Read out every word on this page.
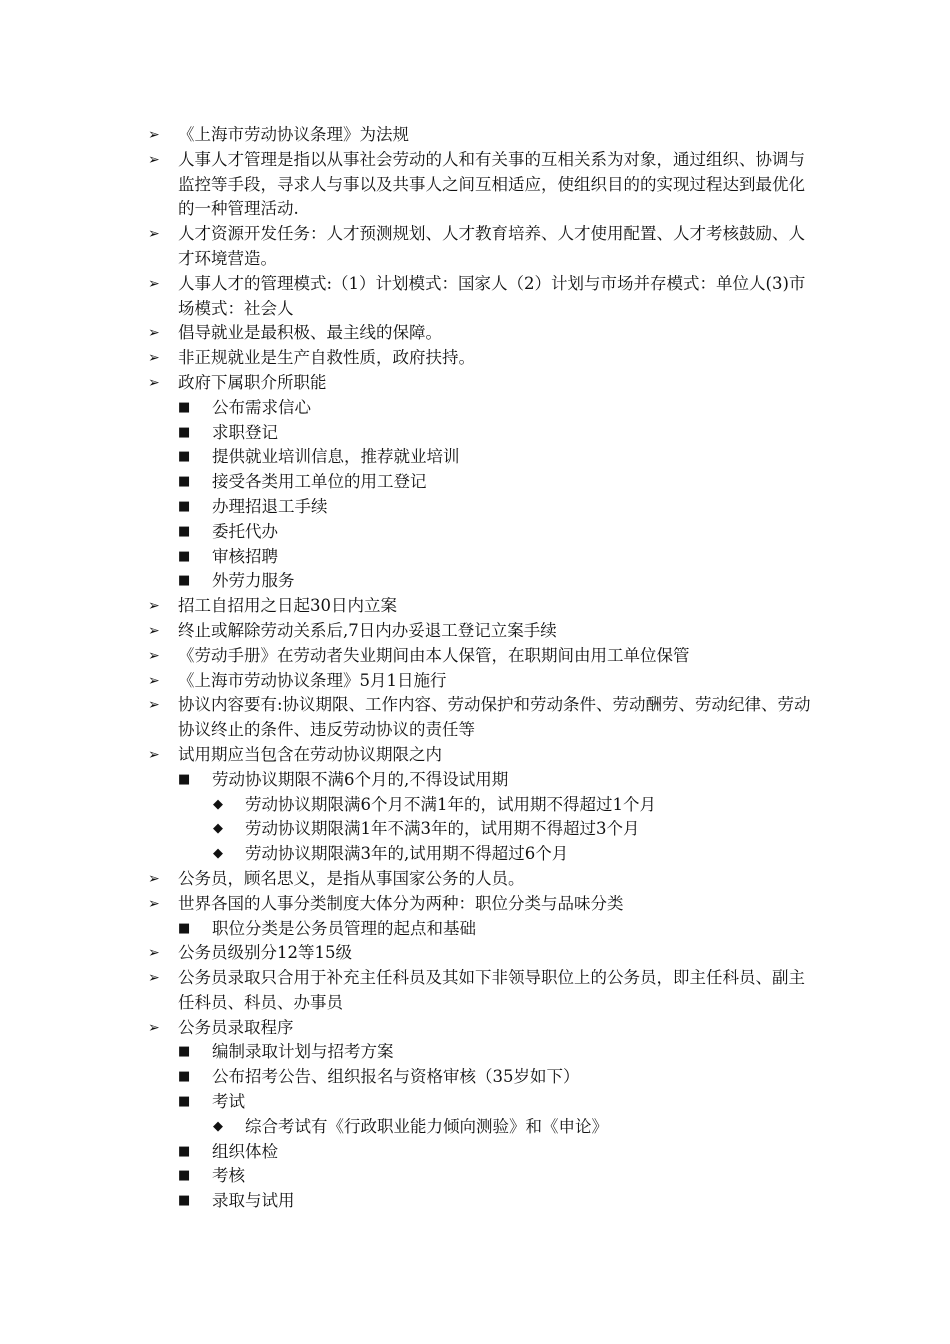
➢ 《上海市劳动协议条理》为法规
➢ 人事人才管理是指以从事社会劳动的人和有关事的互相关系为对象，通过组织、协调与监控等手段，寻求人与事以及共事人之间互相适应，使组织目的的实现过程达到最优化的一种管理活动.
➢ 人才资源开发任务：人才预测规划、人才教育培养、人才使用配置、人才考核鼓励、人才环境营造。
➢ 人事人才的管理模式:（1）计划模式：国家人（2）计划与市场并存模式：单位人(3)市场模式：社会人
➢ 倡导就业是最积极、最主线的保障。
➢ 非正规就业是生产自救性质，政府扶持。
➢ 政府下属职介所职能
■ 公布需求信心
■ 求职登记
■ 提供就业培训信息，推荐就业培训
■ 接受各类用工单位的用工登记
■ 办理招退工手续
■ 委托代办
■ 审核招聘
■ 外劳力服务
➢ 招工自招用之日起30日内立案
➢ 终止或解除劳动关系后,7日内办妥退工登记立案手续
➢ 《劳动手册》在劳动者失业期间由本人保管，在职期间由用工单位保管
➢ 《上海市劳动协议条理》5月1日施行
➢ 协议内容要有:协议期限、工作内容、劳动保护和劳动条件、劳动酬劳、劳动纪律、劳动协议终止的条件、违反劳动协议的责任等
➢ 试用期应当包含在劳动协议期限之内
■ 劳动协议期限不满6个月的,不得设试用期
◆ 劳动协议期限满6个月不满1年的，试用期不得超过1个月
◆ 劳动协议期限满1年不满3年的，试用期不得超过3个月
◆ 劳动协议期限满3年的,试用期不得超过6个月
➢ 公务员，顾名思义，是指从事国家公务的人员。
➢ 世界各国的人事分类制度大体分为两种：职位分类与品味分类
■ 职位分类是公务员管理的起点和基础
➢ 公务员级别分12等15级
➢ 公务员录取只合用于补充主任科员及其如下非领导职位上的公务员，即主任科员、副主任科员、科员、办事员
➢ 公务员录取程序
■ 编制录取计划与招考方案
■ 公布招考公告、组织报名与资格审核（35岁如下）
■ 考试
◆ 综合考试有《行政职业能力倾向测验》和《申论》
■ 组织体检
■ 考核
■ 录取与试用
